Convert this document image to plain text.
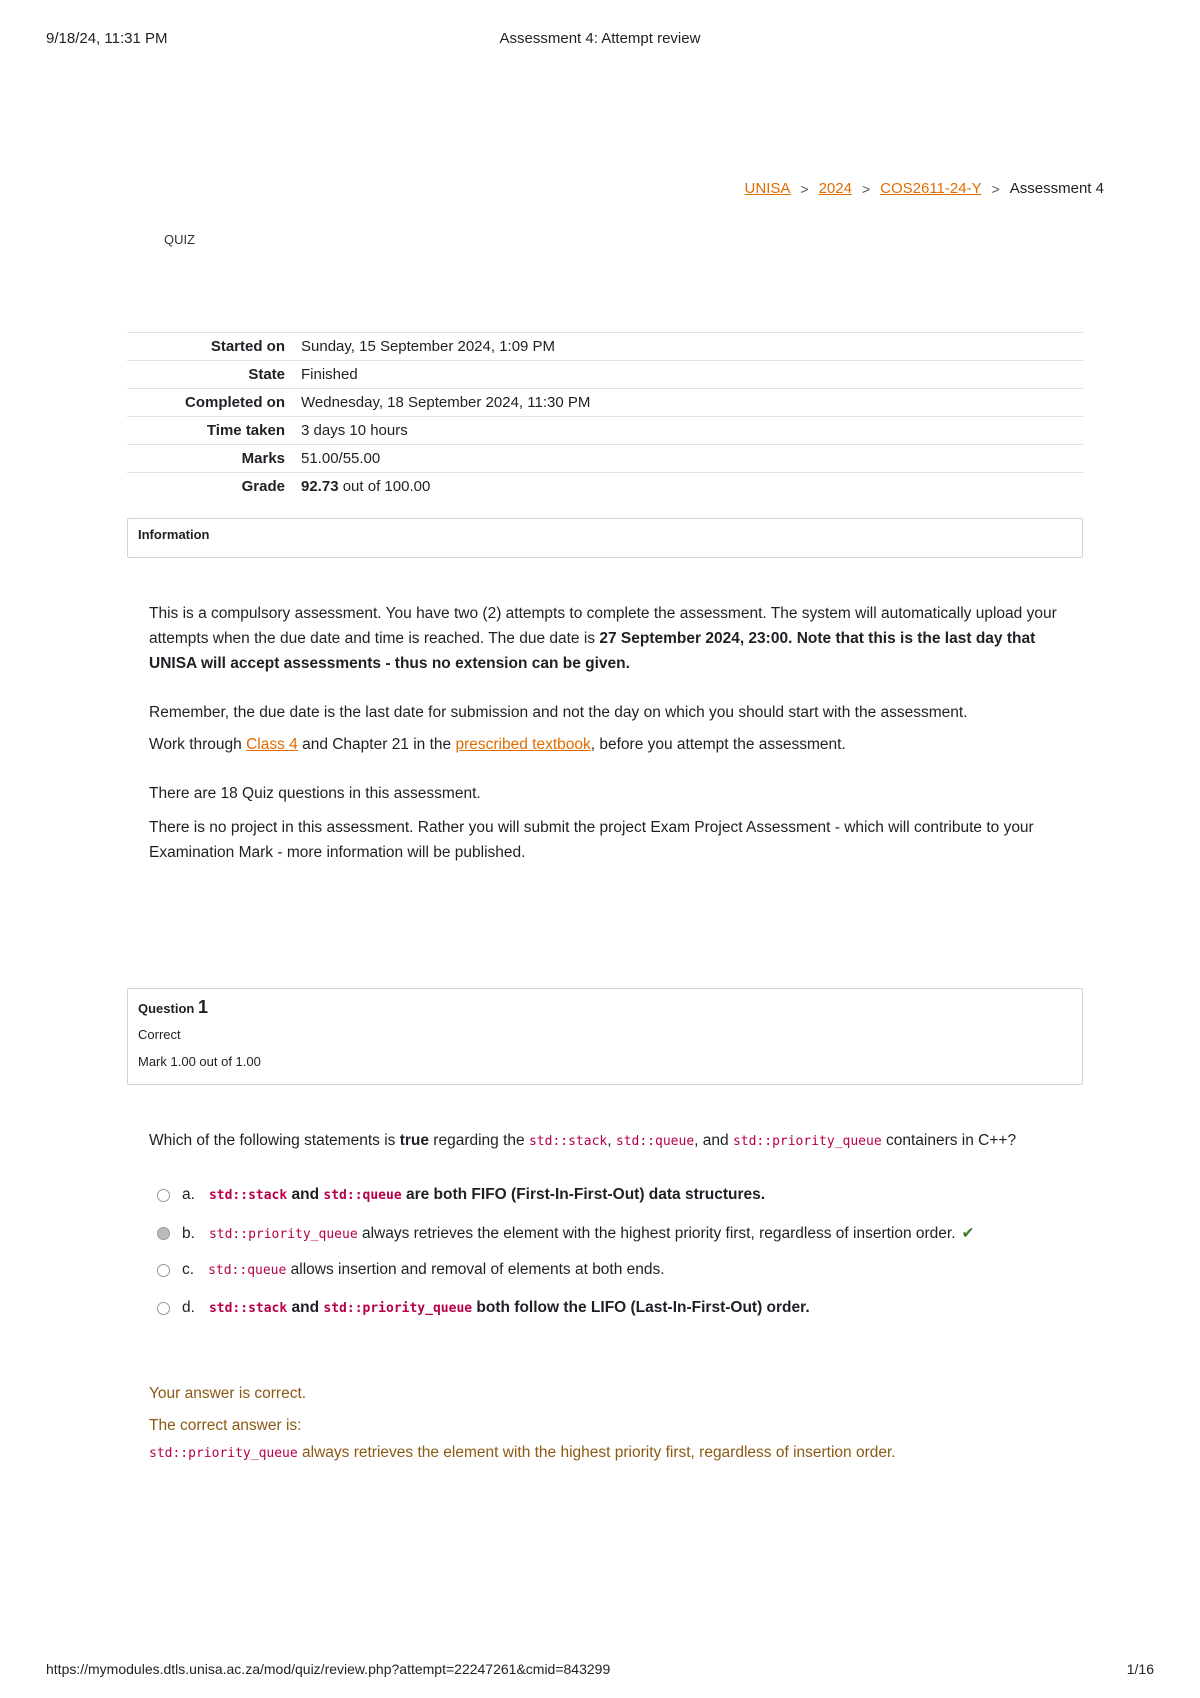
9/18/24, 11:31 PM	Assessment 4: Attempt review
UNISA > 2024 > COS2611-24-Y > Assessment 4
QUIZ
Started on	Sunday, 15 September 2024, 1:09 PM
State	Finished
Completed on	Wednesday, 18 September 2024, 11:30 PM
Time taken	3 days 10 hours
Marks	51.00/55.00
Grade	92.73 out of 100.00
Information
This is a compulsory assessment. You have two (2) attempts to complete the assessment. The system will automatically upload your attempts when the due date and time is reached. The due date is 27 September 2024, 23:00. Note that this is the last day that UNISA will accept assessments - thus no extension can be given.
Remember, the due date is the last date for submission and not the day on which you should start with the assessment.
Work through Class 4 and Chapter 21 in the prescribed textbook, before you attempt the assessment.
There are 18 Quiz questions in this assessment.
There is no project in this assessment. Rather you will submit the project Exam Project Assessment - which will contribute to your Examination Mark - more information will be published.
Question 1
Correct
Mark 1.00 out of 1.00
Which of the following statements is true regarding the std::stack, std::queue, and std::priority_queue containers in C++?
a. std::stack and std::queue are both FIFO (First-In-First-Out) data structures.
b. std::priority_queue always retrieves the element with the highest priority first, regardless of insertion order. ✔
c. std::queue allows insertion and removal of elements at both ends.
d. std::stack and std::priority_queue both follow the LIFO (Last-In-First-Out) order.
Your answer is correct.
The correct answer is:
std::priority_queue always retrieves the element with the highest priority first, regardless of insertion order.
https://mymodules.dtls.unisa.ac.za/mod/quiz/review.php?attempt=22247261&cmid=843299	1/16
